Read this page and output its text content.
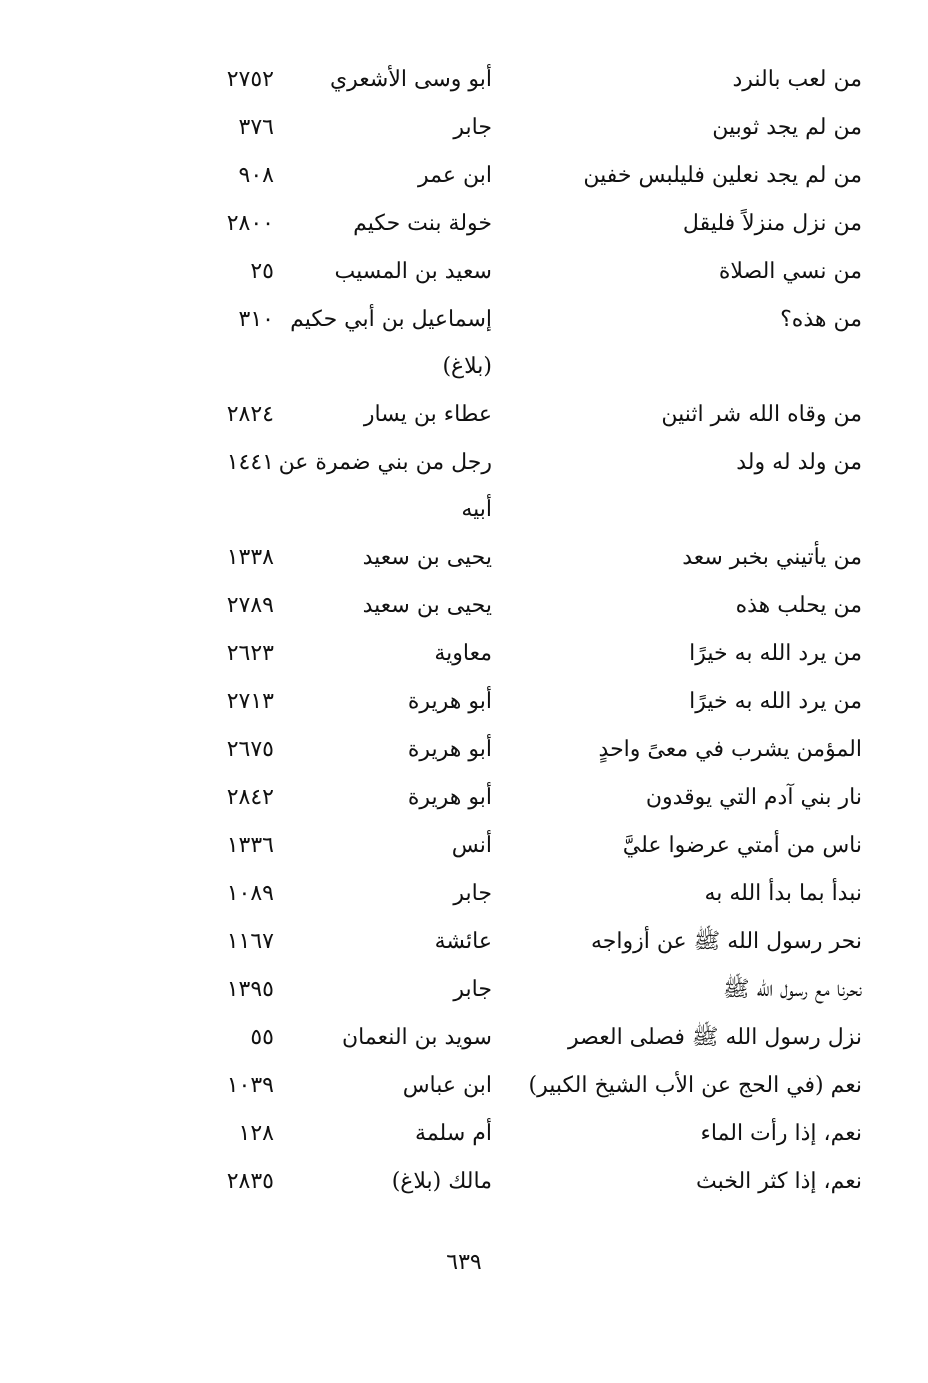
من لعب بالنرد
أبو وسى الأشعري
٢٧٥٢
من لم يجد ثوبين
جابر
٣٧٦
من لم يجد نعلين فليلبس خفين
ابن عمر
٩٠٨
من نزل منزلاً فليقل
خولة بنت حكيم
٢٨٠٠
من نسي الصلاة
سعيد بن المسيب
٢٥
من هذه؟
إسماعيل بن أبي حكيم (بلاغ)
٣١٠
من وقاه الله شر اثنين
عطاء بن يسار
٢٨٢٤
من ولد له ولد
رجل من بني ضمرة عن أبيه
١٤٤١
من يأتيني بخبر سعد
يحيى بن سعيد
١٣٣٨
من يحلب هذه
يحيى بن سعيد
٢٧٨٩
من يرد الله به خيرًا
معاوية
٢٦٢٣
من يرد الله به خيرًا
أبو هريرة
٢٧١٣
المؤمن يشرب في معىً واحدٍ
أبو هريرة
٢٦٧٥
نار بني آدم التي يوقدون
أبو هريرة
٢٨٤٢
ناس من أمتي عرضوا عليَّ
أنس
١٣٣٦
نبدأ بما بدأ الله به
جابر
١٠٨٩
نحر رسول الله ﷺ عن أزواجه
عائشة
١١٦٧
نحرنا مع رسول الله ﷺ
جابر
١٣٩٥
نزل رسول الله ﷺ فصلى العصر
سويد بن النعمان
٥٥
نعم (في الحج عن الأب الشيخ الكبير)
ابن عباس
١٠٣٩
نعم، إذا رأت الماء
أم سلمة
١٢٨
نعم، إذا كثر الخبث
مالك (بلاغ)
٢٨٣٥
٦٣٩
